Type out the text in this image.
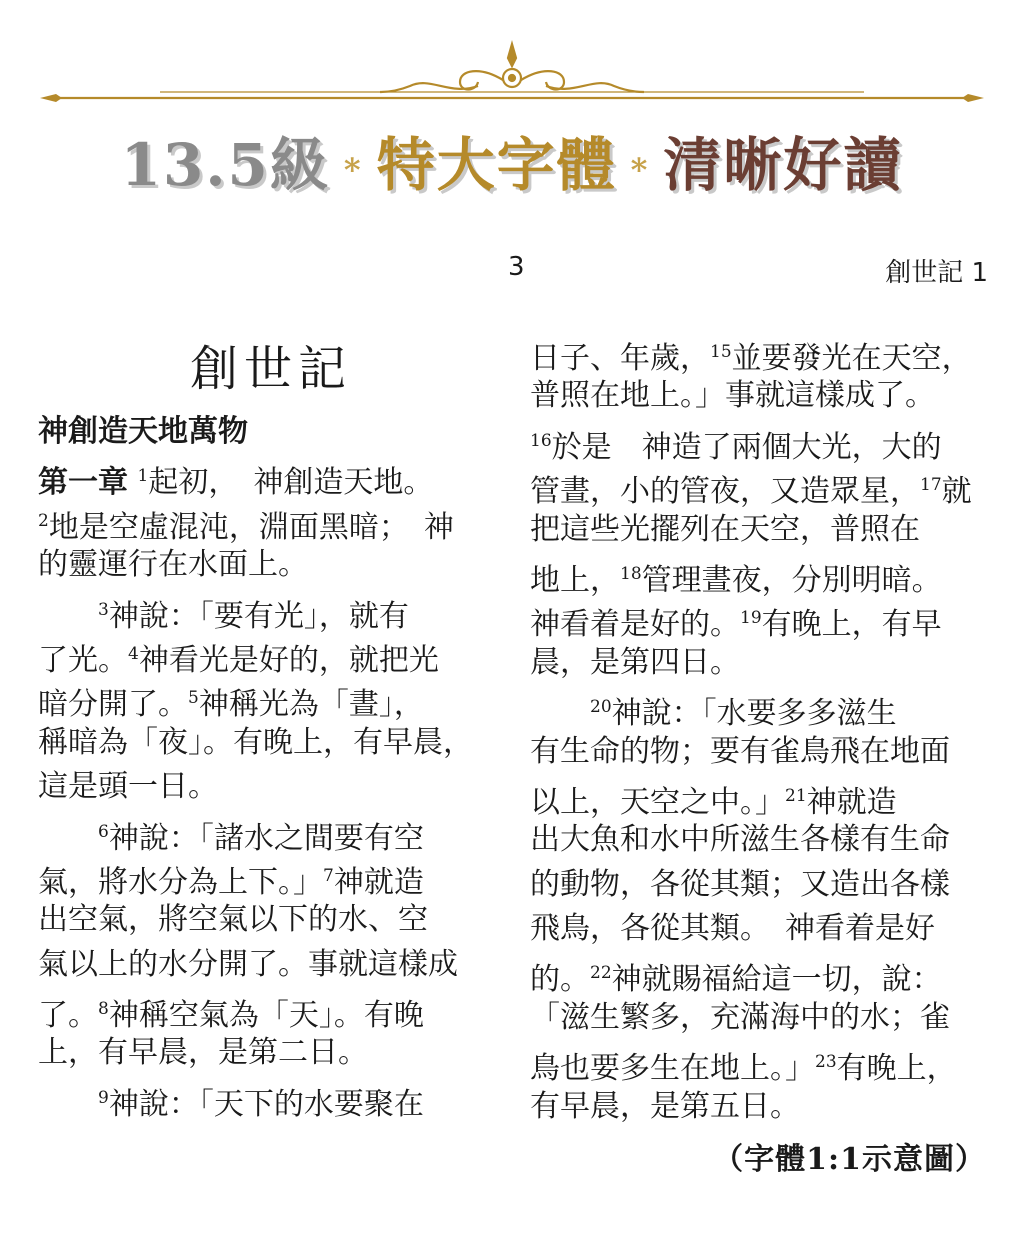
13.5級 * 特大字體 * 清晰好讀
3	創世記 1
創世記
神創造天地萬物
第一章 $^1$起初，　神創造天地。
$^2$地是空虛混沌，淵面黑暗；　神
的靈運行在水面上。
　　$^3$神說：「要有光」，就有
了光。$^4$神看光是好的，就把光
暗分開了。$^5$神稱光為「晝」，
稱暗為「夜」。有晚上，有早晨，
這是頭一日。
　　$^6$神說：「諸水之間要有空
氣，將水分為上下。」$^7$神就造
出空氣，將空氣以下的水、空
氣以上的水分開了。事就這樣成
了。$^8$神稱空氣為「天」。有晚
上，有早晨，是第二日。
　　$^9$神說：「天下的水要聚在
日子、年歲，$^{15}$並要發光在天空，
普照在地上。」事就這樣成了。
$^{16}$於是　神造了兩個大光，大的
管晝，小的管夜，又造眾星，$^{17}$就
把這些光擺列在天空，普照在
地上，$^{18}$管理晝夜，分別明暗。
神看着是好的。$^{19}$有晚上，有早
晨，是第四日。
　　$^{20}$神說：「水要多多滋生
有生命的物；要有雀鳥飛在地面
以上，天空之中。」$^{21}$神就造
出大魚和水中所滋生各樣有生命
的動物，各從其類；又造出各樣
飛鳥，各從其類。　神看着是好
的。$^{22}$神就賜福給這一切，說：
「滋生繁多，充滿海中的水；雀
鳥也要多生在地上。」$^{23}$有晚上，
有早晨，是第五日。
（字體1:1示意圖）
